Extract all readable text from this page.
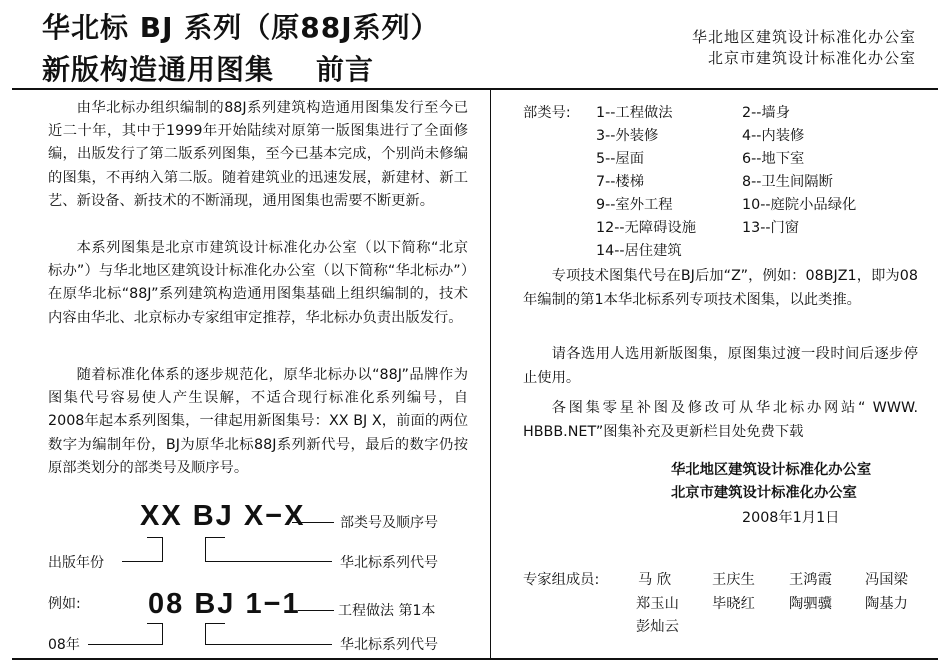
华北标 BJ 系列（原88J系列）
新版构造通用图集 前言
华北地区建筑设计标准化办公室
北京市建筑设计标准化办公室

由华北标办组织编制的88J系列建筑构造通用图集发行至今已近二十年，其中于1999年开始陆续对原第一版图集进行了全面修编，出版发行了第二版系列图集，至今已基本完成，个别尚未修编的图集，不再纳入第二版。随着建筑业的迅速发展，新建材、新工艺、新设备、新技术的不断涌现，通用图集也需要不断更新。

本系列图集是北京市建筑设计标准化办公室（以下简称“北京标办”）与华北地区建筑设计标准化办公室（以下简称“华北标办”）在原华北标“88J”系列建筑构造通用图集基础上组织编制的，技术内容由华北、北京标办专家组审定推荐，华北标办负责出版发行。

随着标准化体系的逐步规范化，原华北标办以“88J”品牌作为图集代号容易使人产生误解，不适合现行标准化系列编号，自2008年起本系列图集，一律起用新图集号：XX BJ X，前面的两位数字为编制年份，BJ为原华北标88J系列新代号，最后的数字仍按原部类划分的部类号及顺序号。

XX BJ X−X 部类号及顺序号
出版年份	华北标系列代号
例如: 08 BJ 1−1	工程做法 第1本
08年	华北标系列代号
部类号: 1--工程做法	2--墙身
3--外装修	4--内装修
5--屋面	6--地下室
7--楼梯	8--卫生间隔断
9--室外工程	10--庭院小品绿化
12--无障碍设施	13--门窗
14--居住建筑

专项技术图集代号在BJ后加“Z”，例如：08BJZ1，即为08年编制的第1本华北标系列专项技术图集，以此类推。

请各选用人选用新版图集，原图集过渡一段时间后逐步停止使用。

各图集零星补图及修改可从华北标办网站“ WWW. HBBB.NET”图集补充及更新栏目处免费下载

华北地区建筑设计标准化办公室
北京市建筑设计标准化办公室
2008年1月1日
专家组成员:	马 欣	王庆生 王鸿霞 冯国梁
郑玉山 毕晓红 陶驷骥 陶基力
彭灿云
